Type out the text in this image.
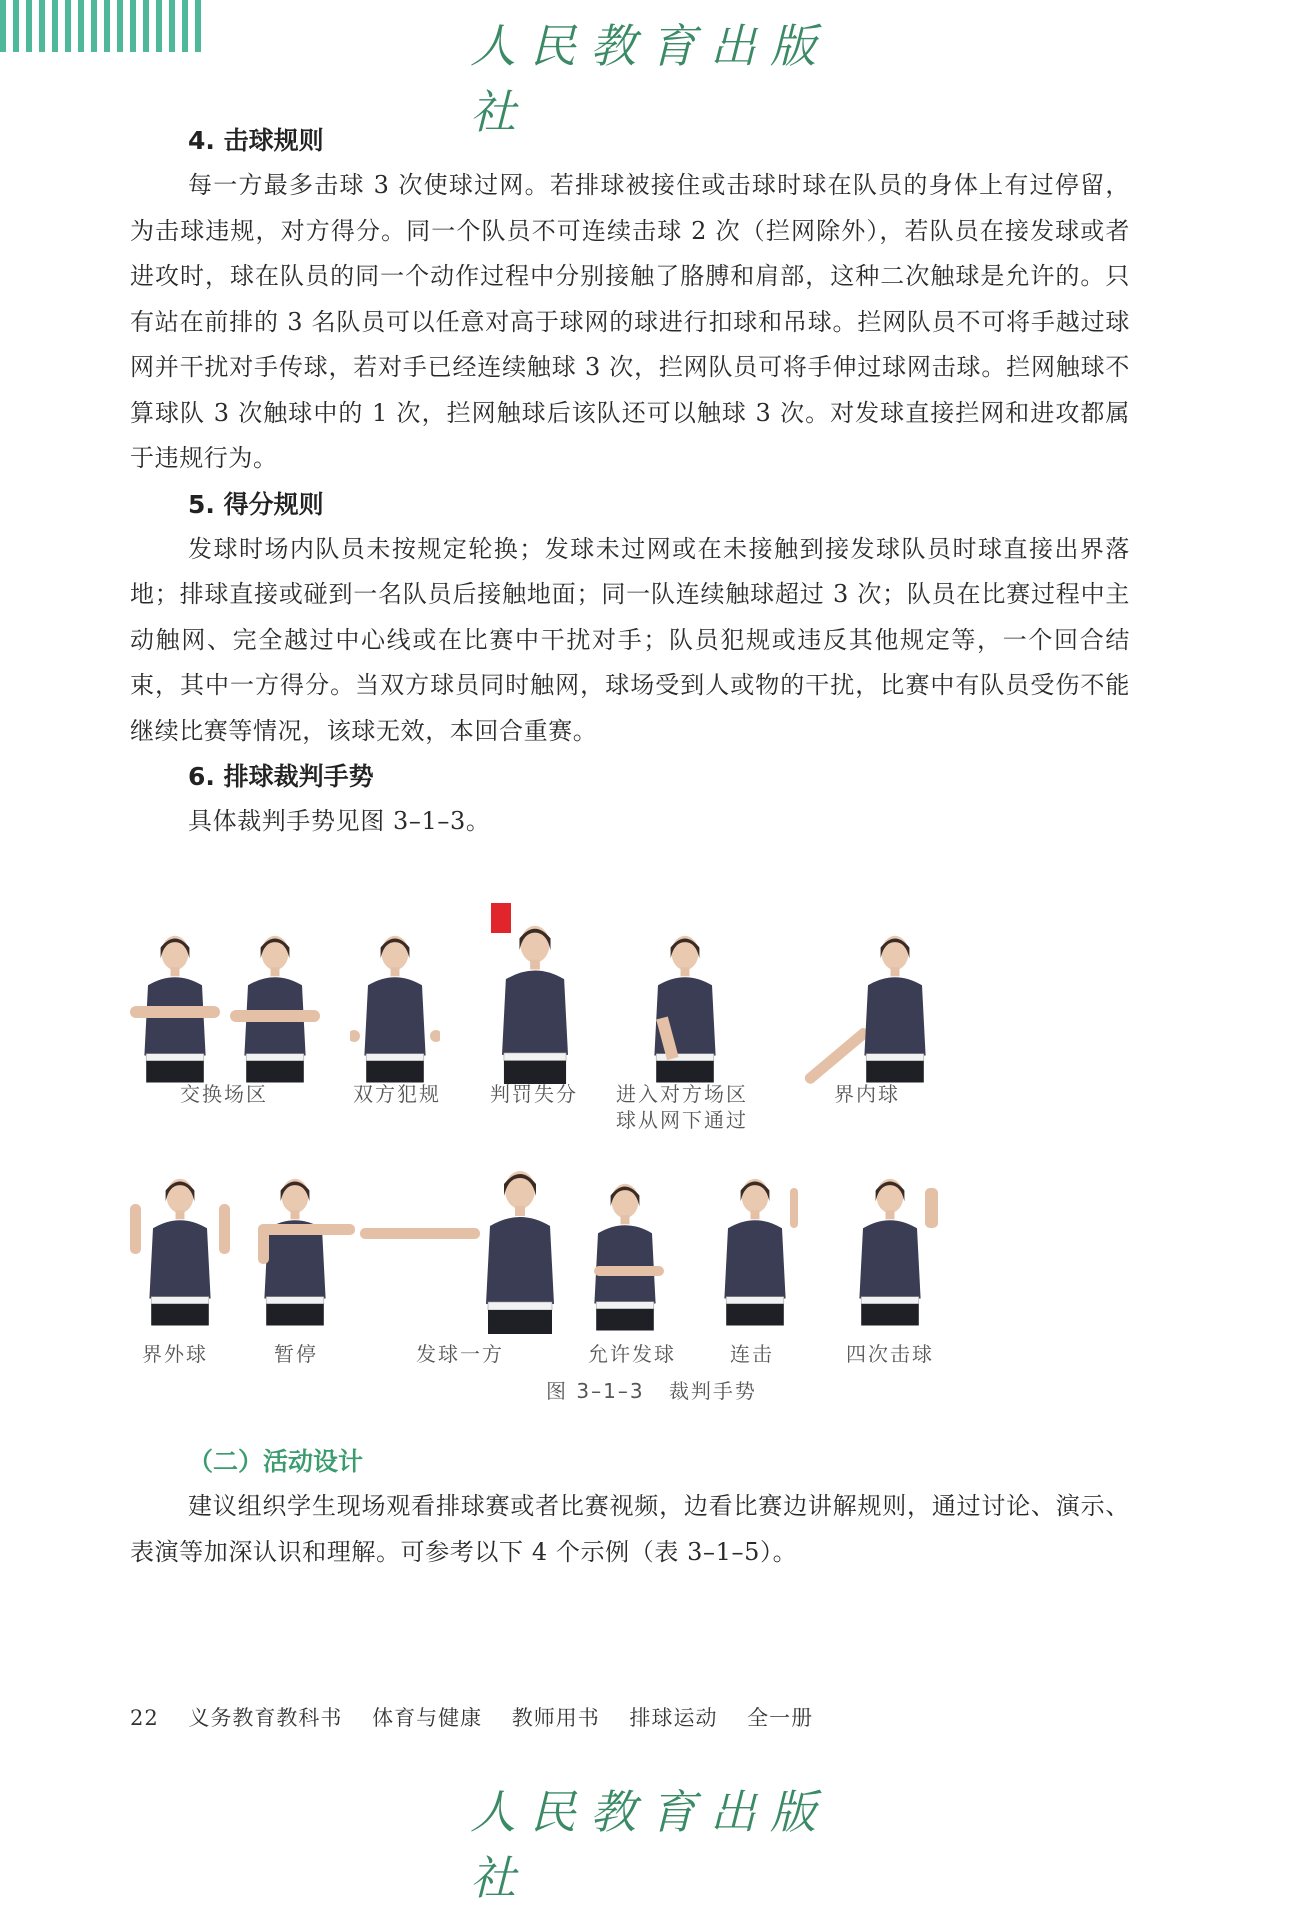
人民教育出版社
4. 击球规则

每一方最多击球 3 次使球过网。若排球被接住或击球时球在队员的身体上有过停留，为击球违规，对方得分。同一个队员不可连续击球 2 次（拦网除外），若队员在接发球或者进攻时，球在队员的同一个动作过程中分别接触了胳膊和肩部，这种二次触球是允许的。只有站在前排的 3 名队员可以任意对高于球网的球进行扣球和吊球。拦网队员不可将手越过球网并干扰对手传球，若对手已经连续触球 3 次，拦网队员可将手伸过球网击球。拦网触球不算球队 3 次触球中的 1 次，拦网触球后该队还可以触球 3 次。对发球直接拦网和进攻都属于违规行为。

5. 得分规则

发球时场内队员未按规定轮换；发球未过网或在未接触到接发球队员时球直接出界落地；排球直接或碰到一名队员后接触地面；同一队连续触球超过 3 次；队员在比赛过程中主动触网、完全越过中心线或在比赛中干扰对手；队员犯规或违反其他规定等，一个回合结束，其中一方得分。当双方球员同时触网，球场受到人或物的干扰，比赛中有队员受伤不能继续比赛等情况，该球无效，本回合重赛。

6. 排球裁判手势

具体裁判手势见图 3–1–3。

交换场区	双方犯规 判罚失分 进入对方场区
球从网下通过
界内球
界外球	暂停	发球一方	允许发球	连击	四次击球
图 3–1–3 裁判手势
（二）活动设计

建议组织学生现场观看排球赛或者比赛视频，边看比赛边讲解规则，通过讨论、演示、表演等加深认识和理解。可参考以下 4 个示例（表 3–1–5）。

22 义务教育教科书 体育与健康 教师用书 排球运动 全一册
人民教育出版社
